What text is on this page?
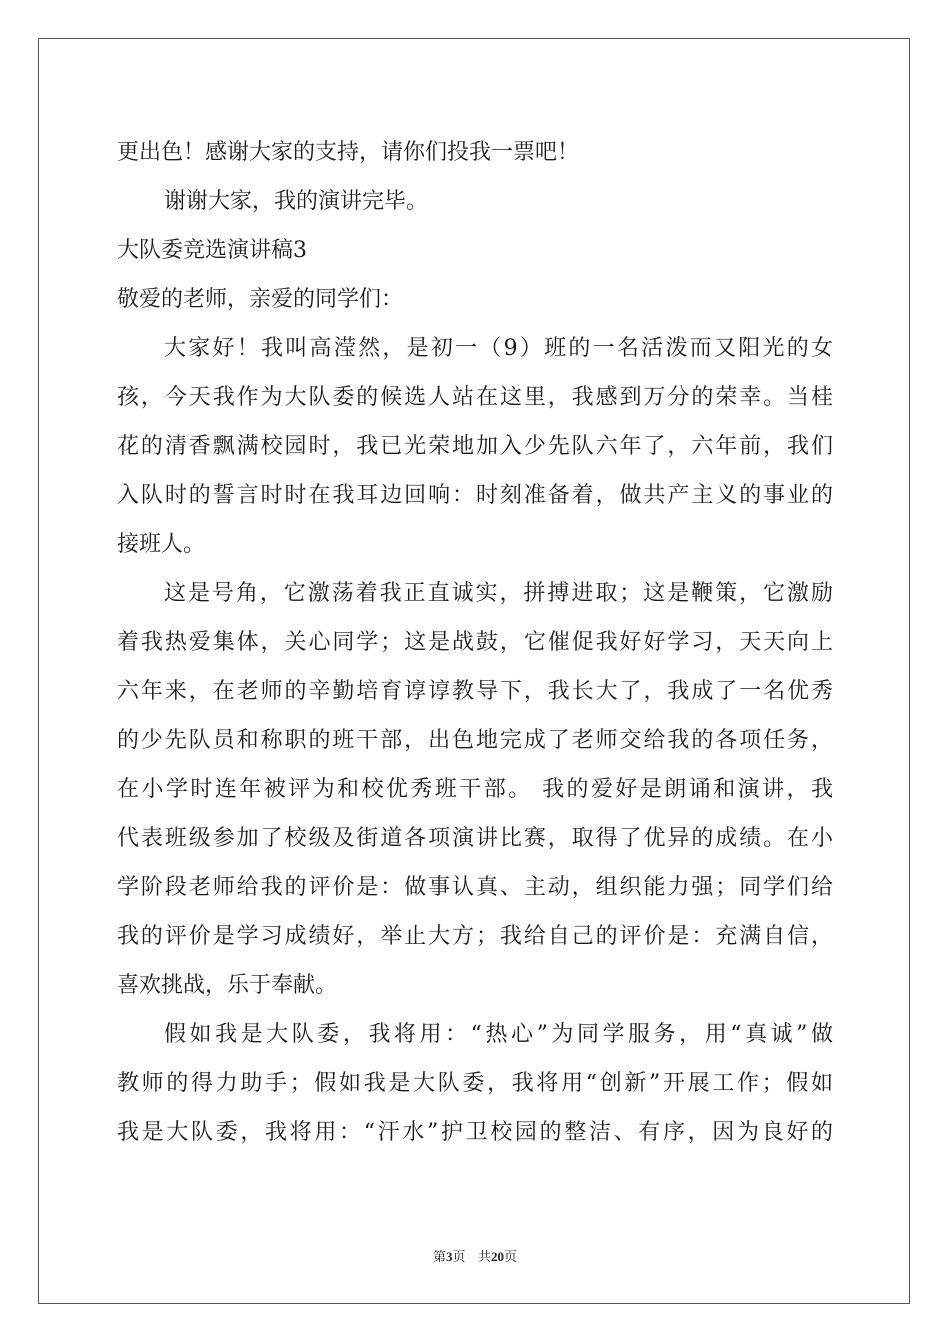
更出色！感谢大家的支持，请你们投我一票吧！
谢谢大家，我的演讲完毕。
大队委竞选演讲稿3
敬爱的老师，亲爱的同学们：
大家好！我叫高滢然，是初一（9）班的一名活泼而又阳光的女
孩，今天我作为大队委的候选人站在这里，我感到万分的荣幸。当桂
花的清香飘满校园时，我已光荣地加入少先队六年了，六年前，我们
入队时的誓言时时在我耳边回响：时刻准备着，做共产主义的事业的
接班人。
这是号角，它激荡着我正直诚实，拼搏进取；这是鞭策，它激励
着我热爱集体，关心同学；这是战鼓，它催促我好好学习，天天向上
六年来，在老师的辛勤培育谆谆教导下，我长大了，我成了一名优秀
的少先队员和称职的班干部，出色地完成了老师交给我的各项任务，
在小学时连年被评为和校优秀班干部。 我的爱好是朗诵和演讲，我
代表班级参加了校级及街道各项演讲比赛，取得了优异的成绩。在小
学阶段老师给我的评价是：做事认真、主动，组织能力强；同学们给
我的评价是学习成绩好，举止大方；我给自己的评价是：充满自信，
喜欢挑战，乐于奉献。
假如我是大队委，我将用：“热心”为同学服务，用“真诚”做
教师的得力助手；假如我是大队委，我将用“创新”开展工作；假如
我是大队委，我将用：“汗水”护卫校园的整洁、有序，因为良好的
第3页 共20页
